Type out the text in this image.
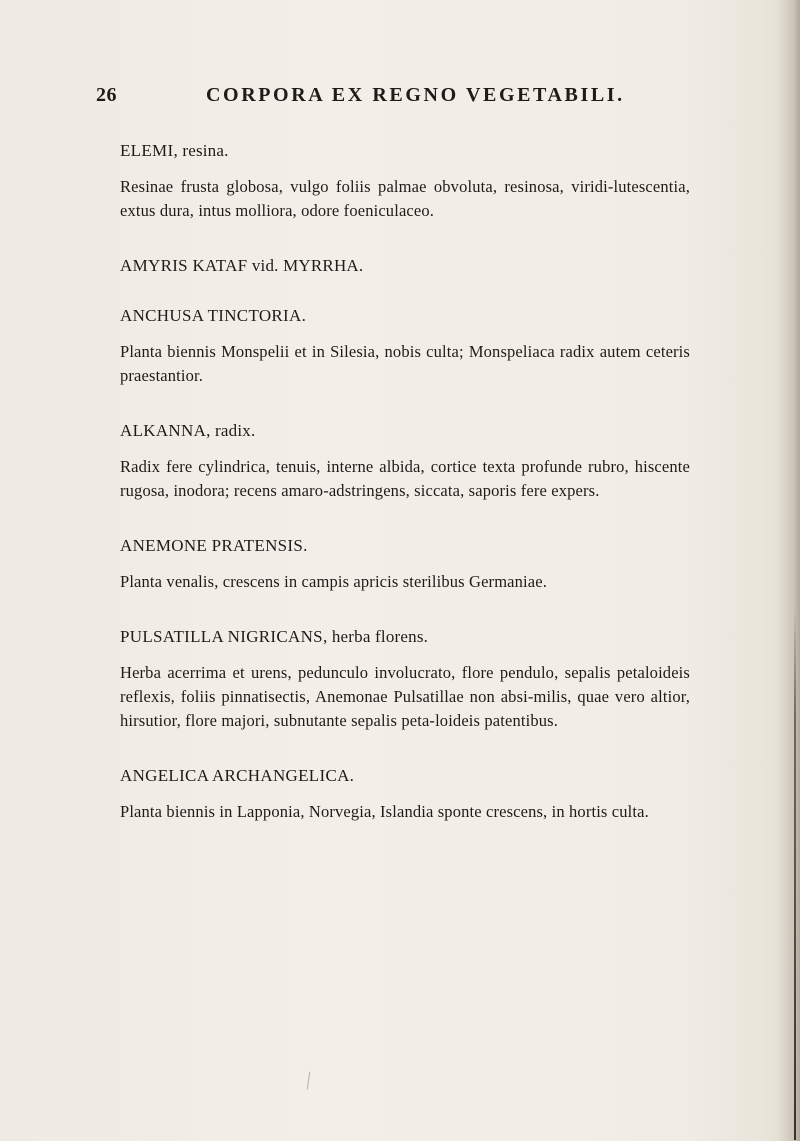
26	CORPORA EX REGNO VEGETABILI.

ELEMI, resina.

Resinae frusta globosa, vulgo foliis palmae obvoluta, resinosa, viridi-lutescentia, extus dura, intus molliora, odore foeniculaceo.

AMYRIS KATAF vid. MYRRHA.

ANCHUSA TINCTORIA.

Planta biennis Monspelii et in Silesia, nobis culta; Monspeliaca radix autem ceteris praestantior.

ALKANNA, radix.

Radix fere cylindrica, tenuis, interne albida, cortice texta profunde rubro, hiscente rugosa, inodora; recens amaro-adstringens, siccata, saporis fere expers.

ANEMONE PRATENSIS.

Planta venalis, crescens in campis apricis sterilibus Germaniae.

PULSATILLA NIGRICANS, herba florens.

Herba acerrima et urens, pedunculo involucrato, flore pendulo, sepalis petaloideis reflexis, foliis pinnatisectis, Anemonae Pulsatillae non absi-milis, quae vero altior, hirsutior, flore majori, subnutante sepalis peta-loideis patentibus.

ANGELICA ARCHANGELICA.

Planta biennis in Lapponia, Norvegia, Islandia sponte crescens, in hortis culta.
